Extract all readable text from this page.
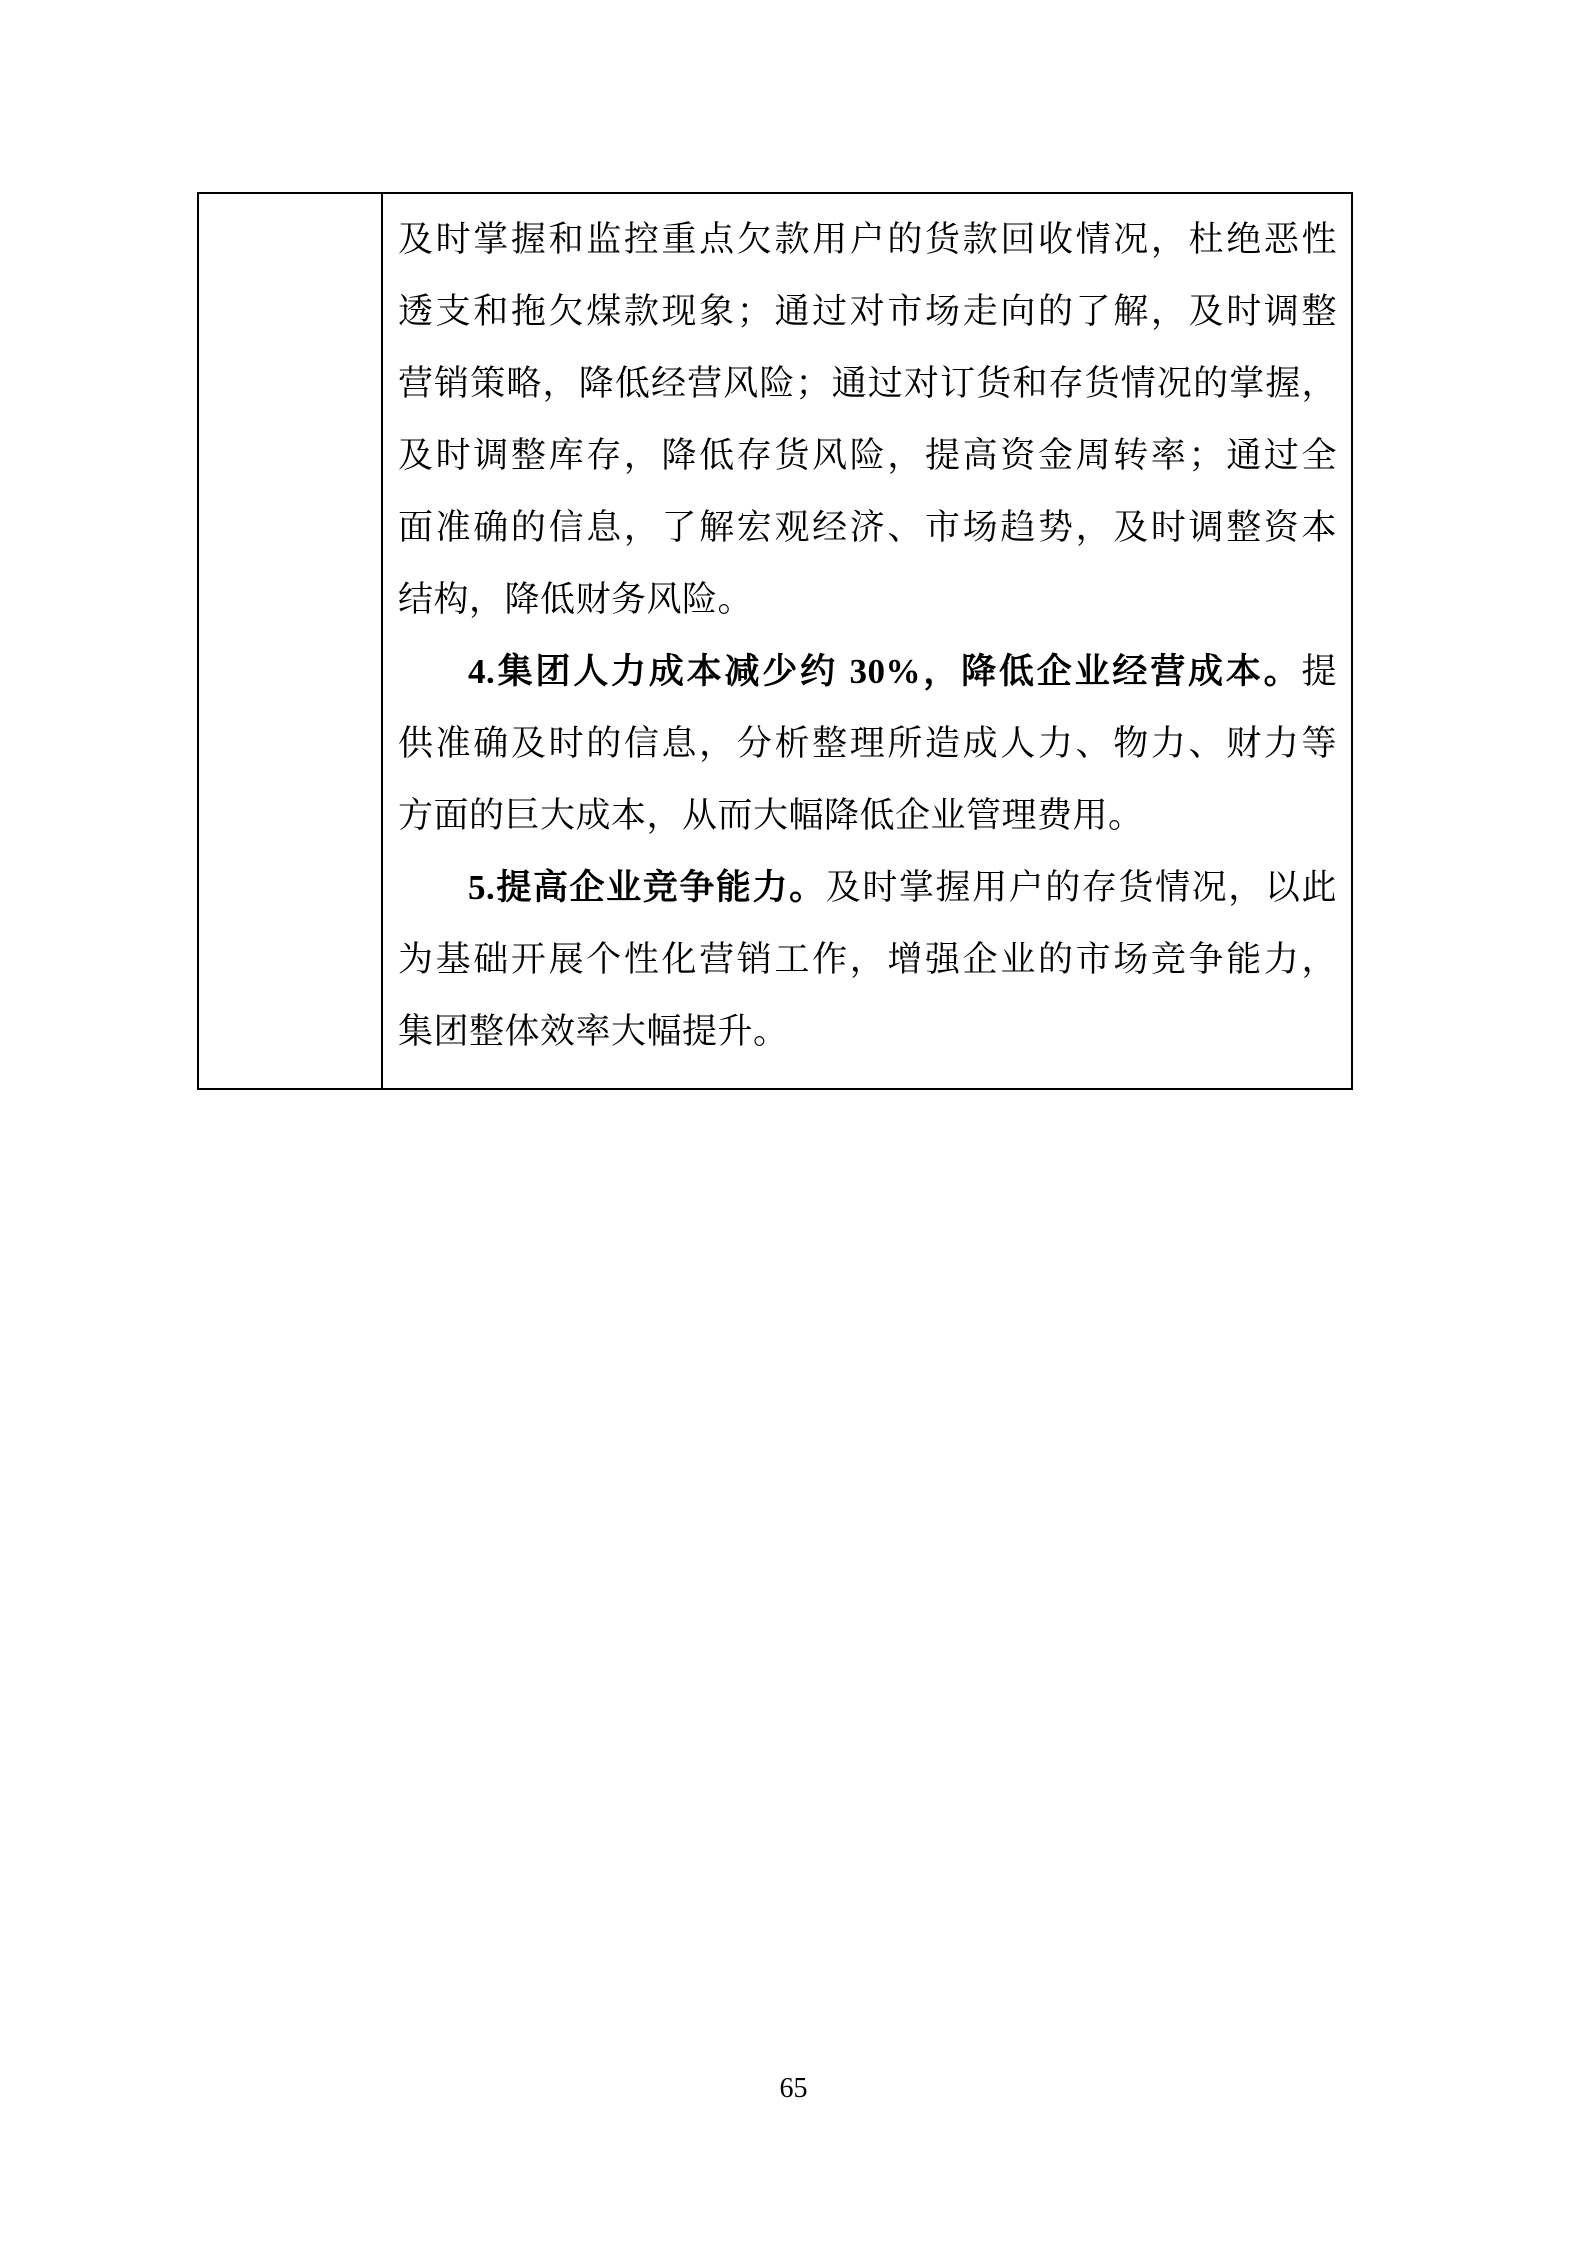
及时掌握和监控重点欠款用户的货款回收情况，杜绝恶性
透支和拖欠煤款现象；通过对市场走向的了解，及时调整
营销策略，降低经营风险；通过对订货和存货情况的掌握，
及时调整库存，降低存货风险，提高资金周转率；通过全
面准确的信息，了解宏观经济、市场趋势，及时调整资本
结构，降低财务风险。
4.集团人力成本减少约 30%，降低企业经营成本。提
供准确及时的信息，分析整理所造成人力、物力、财力等
方面的巨大成本，从而大幅降低企业管理费用。
5.提高企业竞争能力。及时掌握用户的存货情况，以此
为基础开展个性化营销工作，增强企业的市场竞争能力，
集团整体效率大幅提升。
65
